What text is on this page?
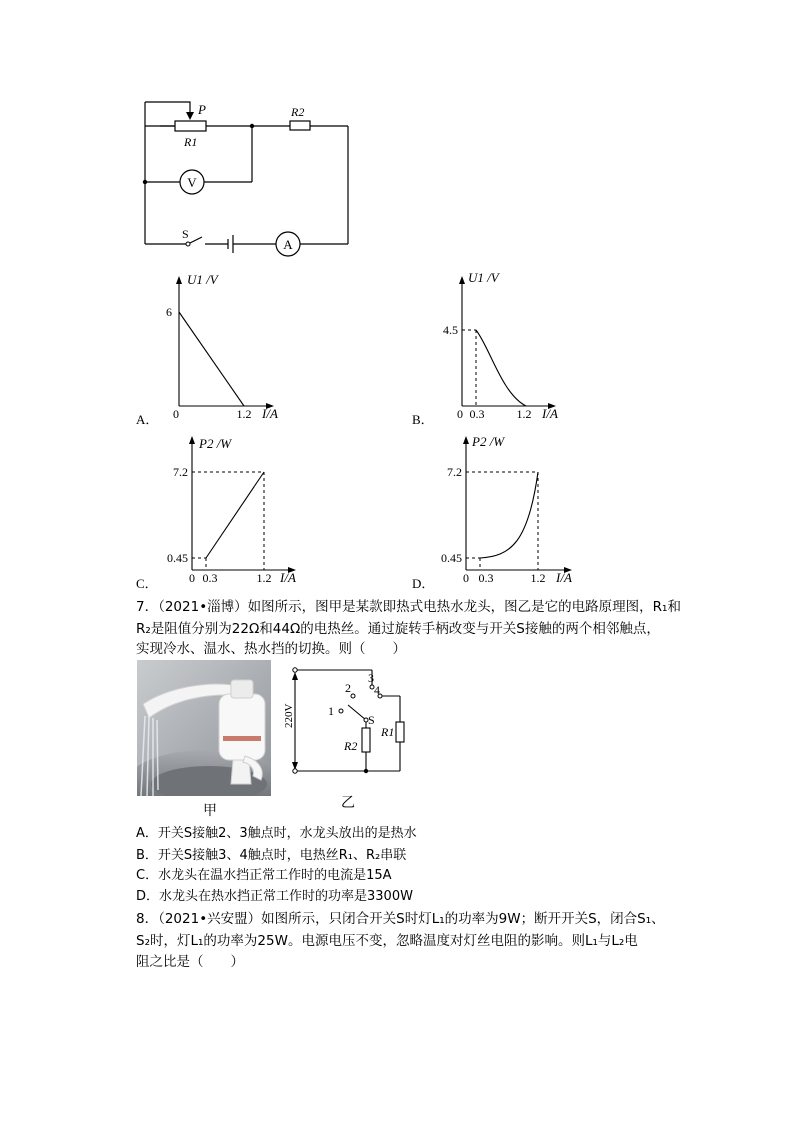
V
A
P
R1
R2
S
U1 /V
I/A
0	1.2
6
A．
U1 /V
I/A
0 0.3	1.2
4.5
B．
P2 /W
I/A
0 0.3	1.2
7.2
0.45
C．
P2 /W
I/A
0 0.3	1.2
7.2
0.45
D．
7．（2021•淄博）如图所示，图甲是某款即热式电热水龙头，图乙是它的电路原理图，R₁和
R₂是阻值分别为22Ω和44Ω的电热丝。通过旋转手柄改变与开关S接触的两个相邻触点，
实现冷水、温水、热水挡的切换。则（　　）
甲
220V	1
2
3
4
S
R1
R2
乙
A．开关S接触2、3触点时，水龙头放出的是热水
B．开关S接触3、4触点时，电热丝R₁、R₂串联
C．水龙头在温水挡正常工作时的电流是15A
D．水龙头在热水挡正常工作时的功率是3300W
8．（2021•兴安盟）如图所示，只闭合开关S时灯L₁的功率为9W；断开开关S，闭合S₁、
S₂时，灯L₁的功率为25W。电源电压不变，忽略温度对灯丝电阻的影响。则L₁与L₂电
阻之比是（　　）
